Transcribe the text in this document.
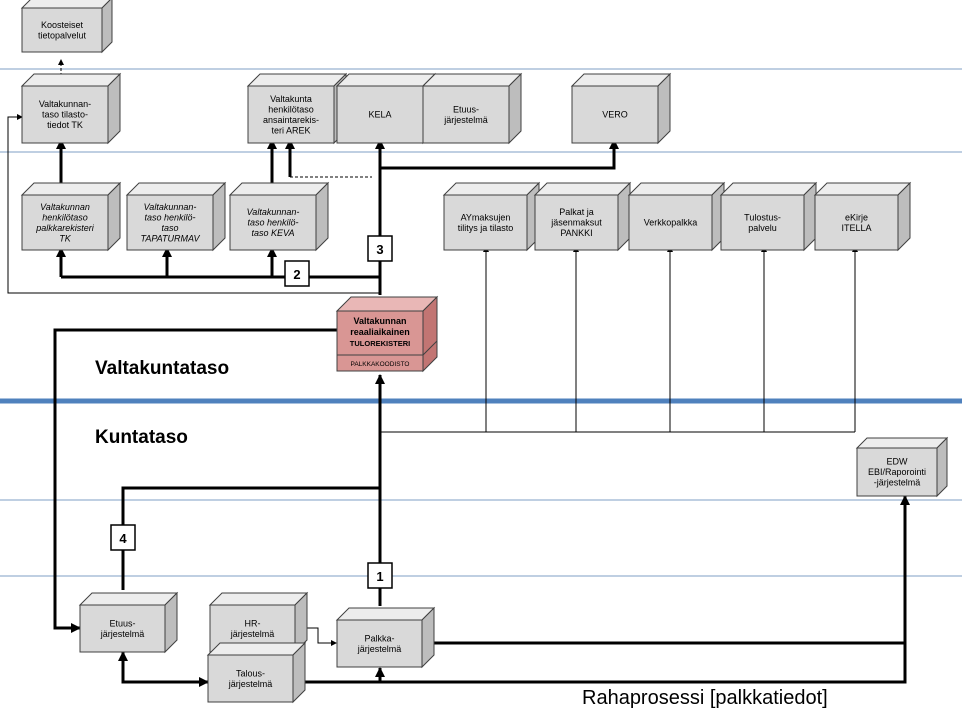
Valtakuntataso
Kuntataso
Rahaprosessi [palkkatiedot]
Koosteiset
tietopalvelut
Valtakunnan-
taso tilasto-
tiedot TK
Valtakunta
henkilötaso
ansaintarekis-
teri AREK
KELA
Etuus-
järjestelmä
VERO
Valtakunnan
henkilötaso
palkkarekisteri
TK
Valtakunnan-
taso henkilö-
taso
TAPATURMAV
Valtakunnan-
taso henkilö-
taso KEVA
AYmaksujen
tilitys ja tilasto
Palkat ja
jäsenmaksut
PANKKI
Verkkopalkka
Tulostus-
palvelu
eKirje
ITELLA
EDW
EBI/Raporointi
-järjestelmä
Etuus-
järjestelmä
HR-
järjestelmä	Palkka-
järjestelmä
Talous-
järjestelmä
Valtakunnan
reaaliaikainen
TULOREKISTERI
PALKKAKOODISTO
3
2
4
1
